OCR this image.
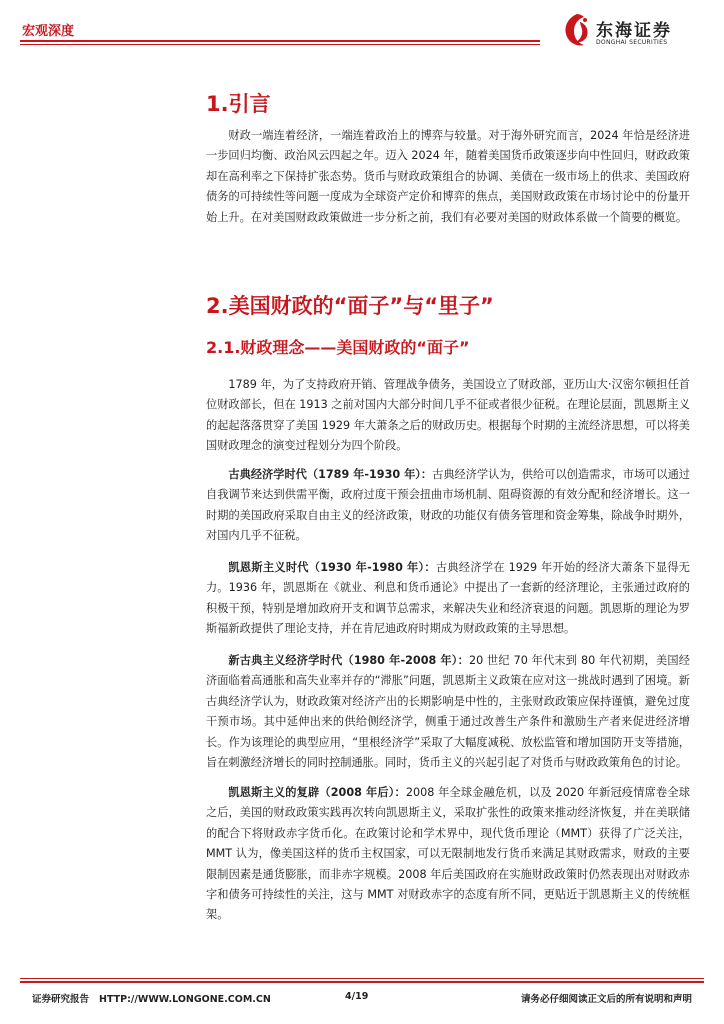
宏观深度	东海证券
DONGHAI SECURITIES
1.引言

财政一端连着经济，一端连着政治上的博弈与较量。对于海外研究而言，2024 年恰是经济进一步回归均衡、政治风云四起之年。迈入 2024 年，随着美国货币政策逐步向中性回归，财政政策却在高利率之下保持扩张态势。货币与财政政策组合的协调、美债在一级市场上的供求、美国政府债务的可持续性等问题一度成为全球资产定价和博弈的焦点，美国财政政策在市场讨论中的份量开始上升。在对美国财政政策做进一步分析之前，我们有必要对美国的财政体系做一个简要的概览。

2.美国财政的“面子”与“里子”
2.1.财政理念——美国财政的“面子”

1789 年，为了支持政府开销、管理战争债务，美国设立了财政部，亚历山大·汉密尔顿担任首位财政部长，但在 1913 之前对国内大部分时间几乎不征或者很少征税。在理论层面，凯恩斯主义的起起落落贯穿了美国 1929 年大萧条之后的财政历史。根据每个时期的主流经济思想，可以将美国财政理念的演变过程划分为四个阶段。

古典经济学时代（1789 年-1930 年）：古典经济学认为，供给可以创造需求，市场可以通过自我调节来达到供需平衡，政府过度干预会扭曲市场机制、阻碍资源的有效分配和经济增长。这一时期的美国政府采取自由主义的经济政策，财政的功能仅有债务管理和资金筹集，除战争时期外，对国内几乎不征税。

凯恩斯主义时代（1930 年-1980 年）：古典经济学在 1929 年开始的经济大萧条下显得无力。1936 年，凯恩斯在《就业、利息和货币通论》中提出了一套新的经济理论，主张通过政府的积极干预，特别是增加政府开支和调节总需求，来解决失业和经济衰退的问题。凯恩斯的理论为罗斯福新政提供了理论支持，并在肯尼迪政府时期成为财政政策的主导思想。

新古典主义经济学时代（1980 年-2008 年）：20 世纪 70 年代末到 80 年代初期，美国经济面临着高通胀和高失业率并存的“滞胀”问题，凯恩斯主义政策在应对这一挑战时遇到了困境。新古典经济学认为，财政政策对经济产出的长期影响是中性的，主张财政政策应保持谨慎，避免过度干预市场。其中延伸出来的供给侧经济学，侧重于通过改善生产条件和激励生产者来促进经济增长。作为该理论的典型应用，“里根经济学”采取了大幅度减税、放松监管和增加国防开支等措施，旨在刺激经济增长的同时控制通胀。同时，货币主义的兴起引起了对货币与财政政策角色的讨论。

凯恩斯主义的复辟（2008 年后）：2008 年全球金融危机，以及 2020 年新冠疫情席卷全球之后，美国的财政政策实践再次转向凯恩斯主义，采取扩张性的政策来推动经济恢复，并在美联储的配合下将财政赤字货币化。在政策讨论和学术界中，现代货币理论（MMT）获得了广泛关注，MMT 认为，像美国这样的货币主权国家，可以无限制地发行货币来满足其财政需求，财政的主要限制因素是通货膨胀，而非赤字规模。2008 年后美国政府在实施财政政策时仍然表现出对财政赤字和债务可持续性的关注，这与 MMT 对财政赤字的态度有所不同，更贴近于凯恩斯主义的传统框架。

证券研究报告 HTTP://WWW.LONGONE.COM.CN	4/19	请务必仔细阅读正文后的所有说明和声明
